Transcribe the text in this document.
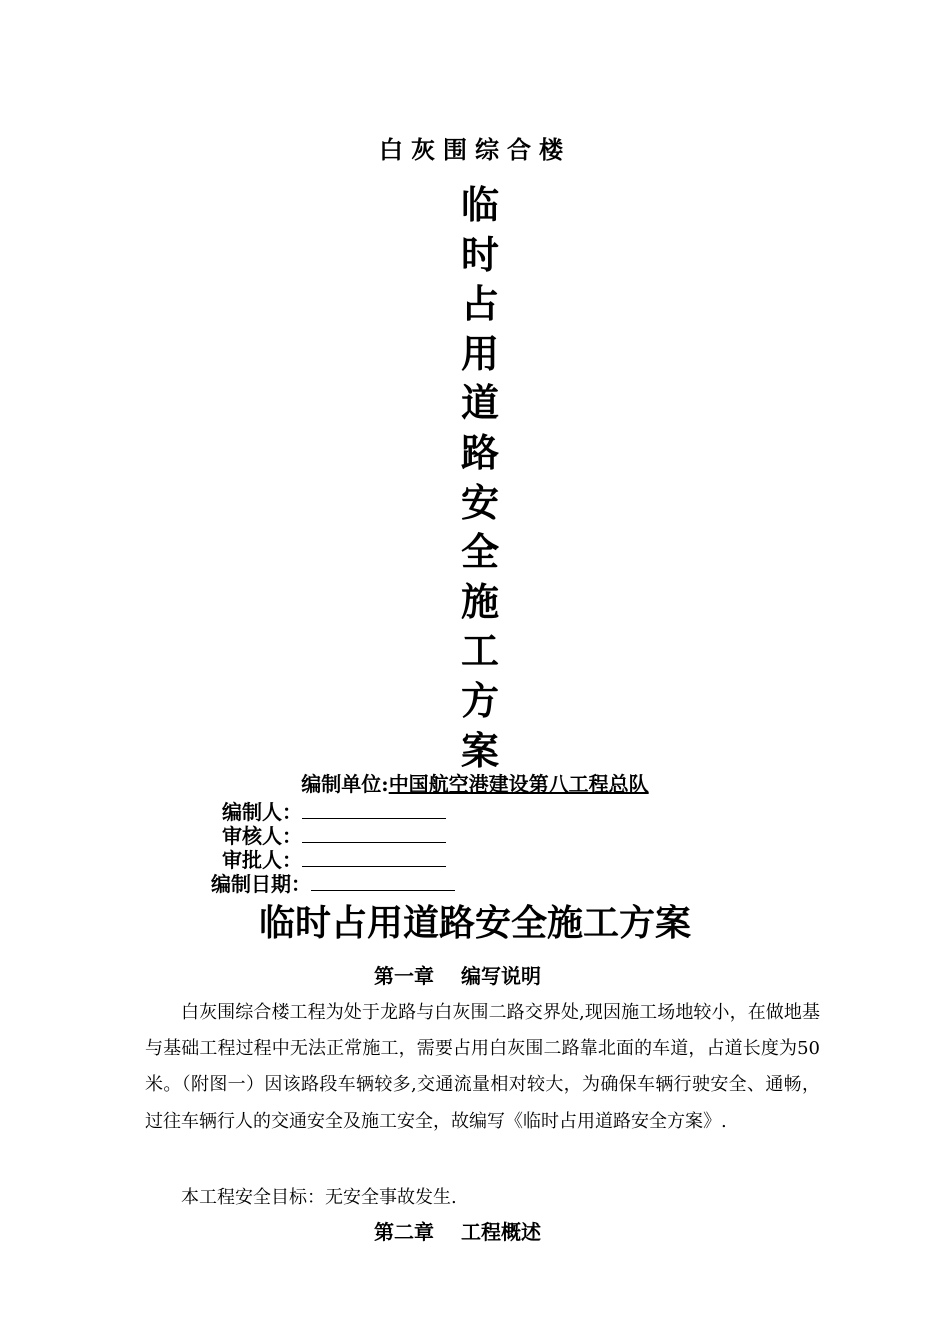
白灰围综合楼
临
时
占
用
道
路
安
全
施
工
方
案
编制单位:中国航空港建设第八工程总队
编制人：
审核人：
审批人：
编制日期：
临时占用道路安全施工方案
第一章　 编写说明
白灰围综合楼工程为处于龙路与白灰围二路交界处,现因施工场地较小，在做地基与基础工程过程中无法正常施工，需要占用白灰围二路靠北面的车道，占道长度为50米。（附图一）因该路段车辆较多,交通流量相对较大，为确保车辆行驶安全、通畅，过往车辆行人的交通安全及施工安全，故编写《临时占用道路安全方案》.
本工程安全目标：无安全事故发生.
第二章　 工程概述
